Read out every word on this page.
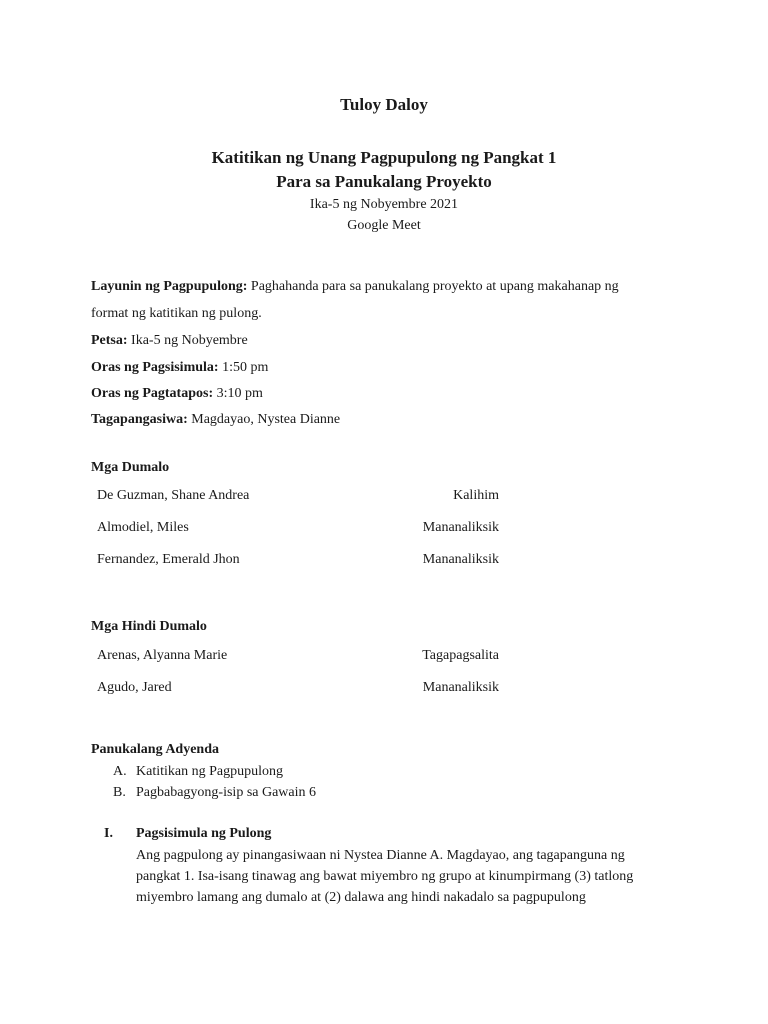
Tuloy Daloy
Katitikan ng Unang Pagpupulong ng Pangkat 1
Para sa Panukalang Proyekto
Ika-5 ng Nobyembre 2021
Google Meet
Layunin ng Pagpupulong: Paghahanda para sa panukalang proyekto at upang makahanap ng
format ng katitikan ng pulong.
Petsa: Ika-5 ng Nobyembre
Oras ng Pagsisimula: 1:50 pm
Oras ng Pagtatapos: 3:10 pm
Tagapangasiwa: Magdayao, Nystea Dianne
Mga Dumalo
De Guzman, Shane Andrea	Kalihim
Almodiel, Miles	Mananaliksik
Fernandez, Emerald Jhon	Mananaliksik
Mga Hindi Dumalo
Arenas, Alyanna Marie	Tagapagsalita
Agudo, Jared	Mananaliksik
Panukalang Adyenda
A. Katitikan ng Pagpupulong
B. Pagbabagyong-isip sa Gawain 6
I. Pagsisimula ng Pulong
Ang pagpulong ay pinangasiwaan ni Nystea Dianne A. Magdayao, ang tagapanguna ng
pangkat 1. Isa-isang tinawag ang bawat miyembro ng grupo at kinumpirmang (3) tatlong
miyembro lamang ang dumalo at (2) dalawa ang hindi nakadalo sa pagpupulong
